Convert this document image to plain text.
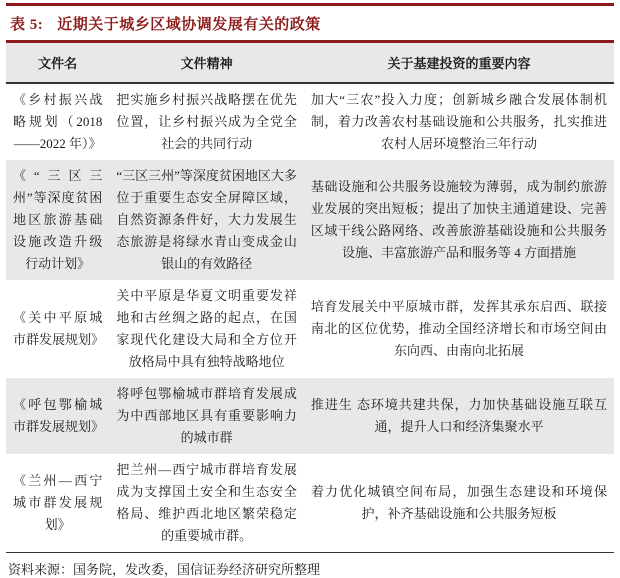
表 5: 近期关于城乡区域协调发展有关的政策
文件名	文件精神	关于基建投资的重要内容
《乡村振兴战略规划（2018——2022 年）》	把实施乡村振兴战略摆在优先位置，让乡村振兴成为全党全社会的共同行动	加大“三农”投入力度；创新城乡融合发展体制机制，着力改善农村基础设施和公共服务，扎实推进农村人居环境整治三年行动
《“三区三州”等深度贫困地区旅游基础设施改造升级行动计划》	“三区三州”等深度贫困地区大多位于重要生态安全屏障区域，自然资源条件好，大力发展生态旅游是将绿水青山变成金山银山的有效路径	基础设施和公共服务设施较为薄弱，成为制约旅游业发展的突出短板；提出了加快主通道建设、完善区域干线公路网络、改善旅游基础设施和公共服务设施、丰富旅游产品和服务等 4 方面措施
《关中平原城市群发展规划》	关中平原是华夏文明重要发祥地和古丝绸之路的起点，在国家现代化建设大局和全方位开放格局中具有独特战略地位	培育发展关中平原城市群，发挥其承东启西、联接南北的区位优势，推动全国经济增长和市场空间由东向西、由南向北拓展
《呼包鄂榆城市群发展规划》	将呼包鄂榆城市群培育发展成为中西部地区具有重要影响力的城市群	推进生 态环境共建共保，力加快基础设施互联互通，提升人口和经济集聚水平
《兰州—西宁城市群发展规划》	把兰州—西宁城市群培育发展成为支撑国土安全和生态安全格局、维护西北地区繁荣稳定的重要城市群。	着力优化城镇空间布局，加强生态建设和环境保护，补齐基础设施和公共服务短板
资料来源：国务院，发改委，国信证券经济研究所整理
